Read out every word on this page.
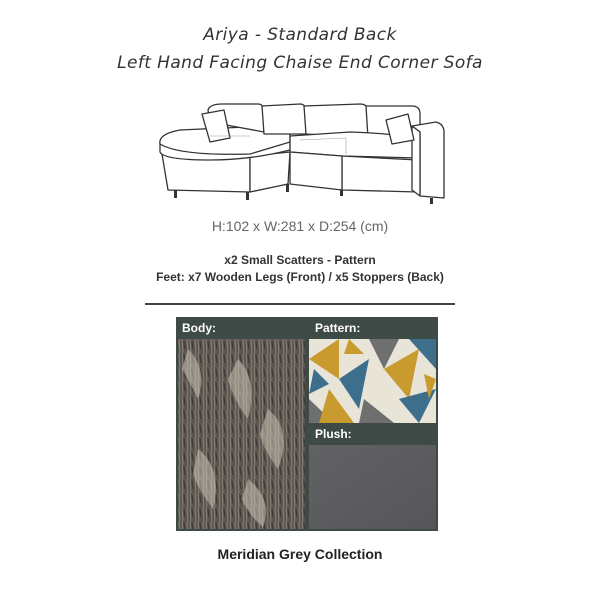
Ariya - Standard Back
Left Hand Facing Chaise End Corner Sofa
H:102 x W:281 x D:254 (cm)
x2 Small Scatters - Pattern
Feet: x7 Wooden Legs (Front) / x5 Stoppers (Back)
Body:	Pattern:
Plush:
Meridian Grey Collection
